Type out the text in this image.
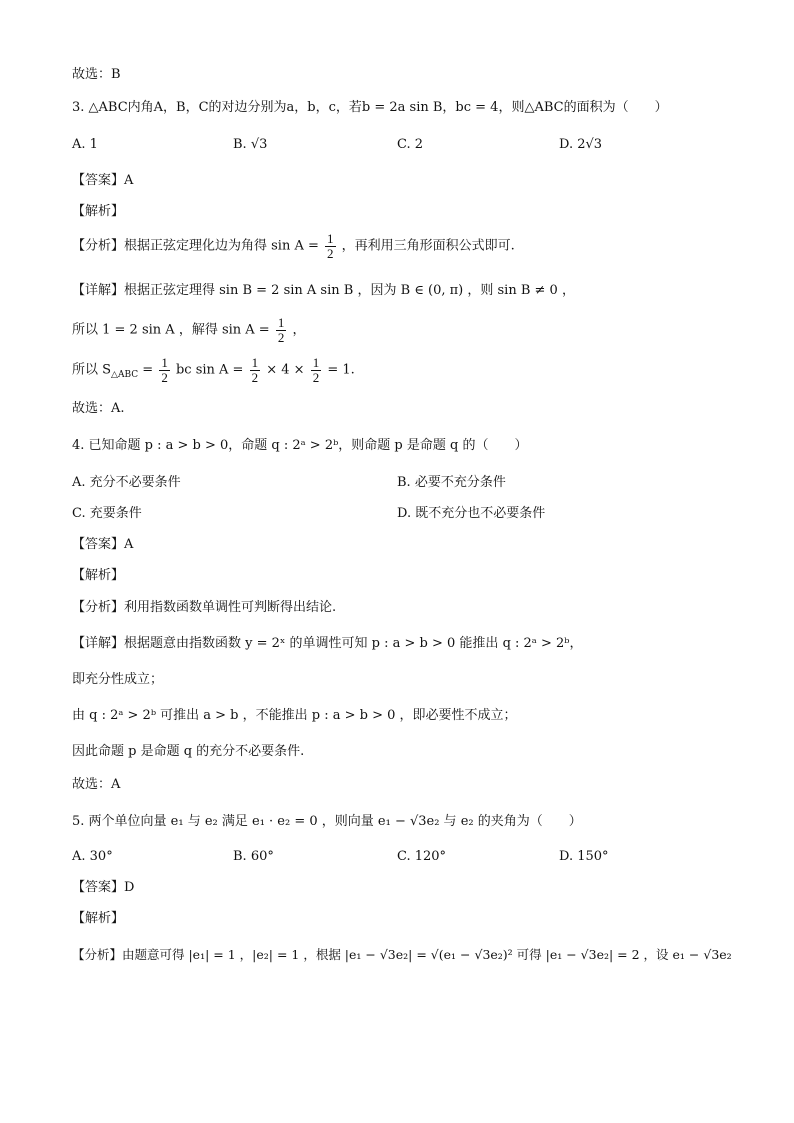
故选：B
3. △ABC内角A，B，C的对边分别为a，b，c，若b = 2a sin B，bc = 4，则△ABC的面积为（　　）
A. 1	B. √3	C. 2	D. 2√3
【答案】A
【解析】
【分析】根据正弦定理化边为角得 $\sin A = \frac{1}{2}$ ，再利用三角形面积公式即可.
【详解】根据正弦定理得 sin B = 2 sin A sin B ，因为 B ∈ (0, π) ，则 sin B ≠ 0 ，
所以 1 = 2 sin A ，解得 $\sin A = \frac{1}{2}$ ，
所以 $S_{\triangle ABC} = \frac{1}{2}$ bc $\sin A = \frac{1}{2} \times 4 \times \frac{1}{2} = 1$.
故选：A.
4. 已知命题 p : a > b > 0，命题 q : 2ᵃ > 2ᵇ，则命题 p 是命题 q 的（　　）
A. 充分不必要条件	B. 必要不充分条件
C. 充要条件	D. 既不充分也不必要条件
【答案】A
【解析】
【分析】利用指数函数单调性可判断得出结论.
【详解】根据题意由指数函数 y = 2ˣ 的单调性可知 p : a > b > 0 能推出 q : 2ᵃ > 2ᵇ，
即充分性成立；
由 q : 2ᵃ > 2ᵇ 可推出 a > b ，不能推出 p : a > b > 0 ，即必要性不成立；
因此命题 p 是命题 q 的充分不必要条件.
故选：A
5. 两个单位向量 e₁ 与 e₂ 满足 e₁ · e₂ = 0 ，则向量 e₁ − √3e₂ 与 e₂ 的夹角为（　　）
A. 30°	B. 60°	C. 120°	D. 150°
【答案】D
【解析】
【分析】由题意可得 |e₁| = 1 ，|e₂| = 1 ，根据 |e₁ − √3e₂| = √(e₁ − √3e₂)² 可得 |e₁ − √3e₂| = 2 ，设 e₁ − √3e₂
